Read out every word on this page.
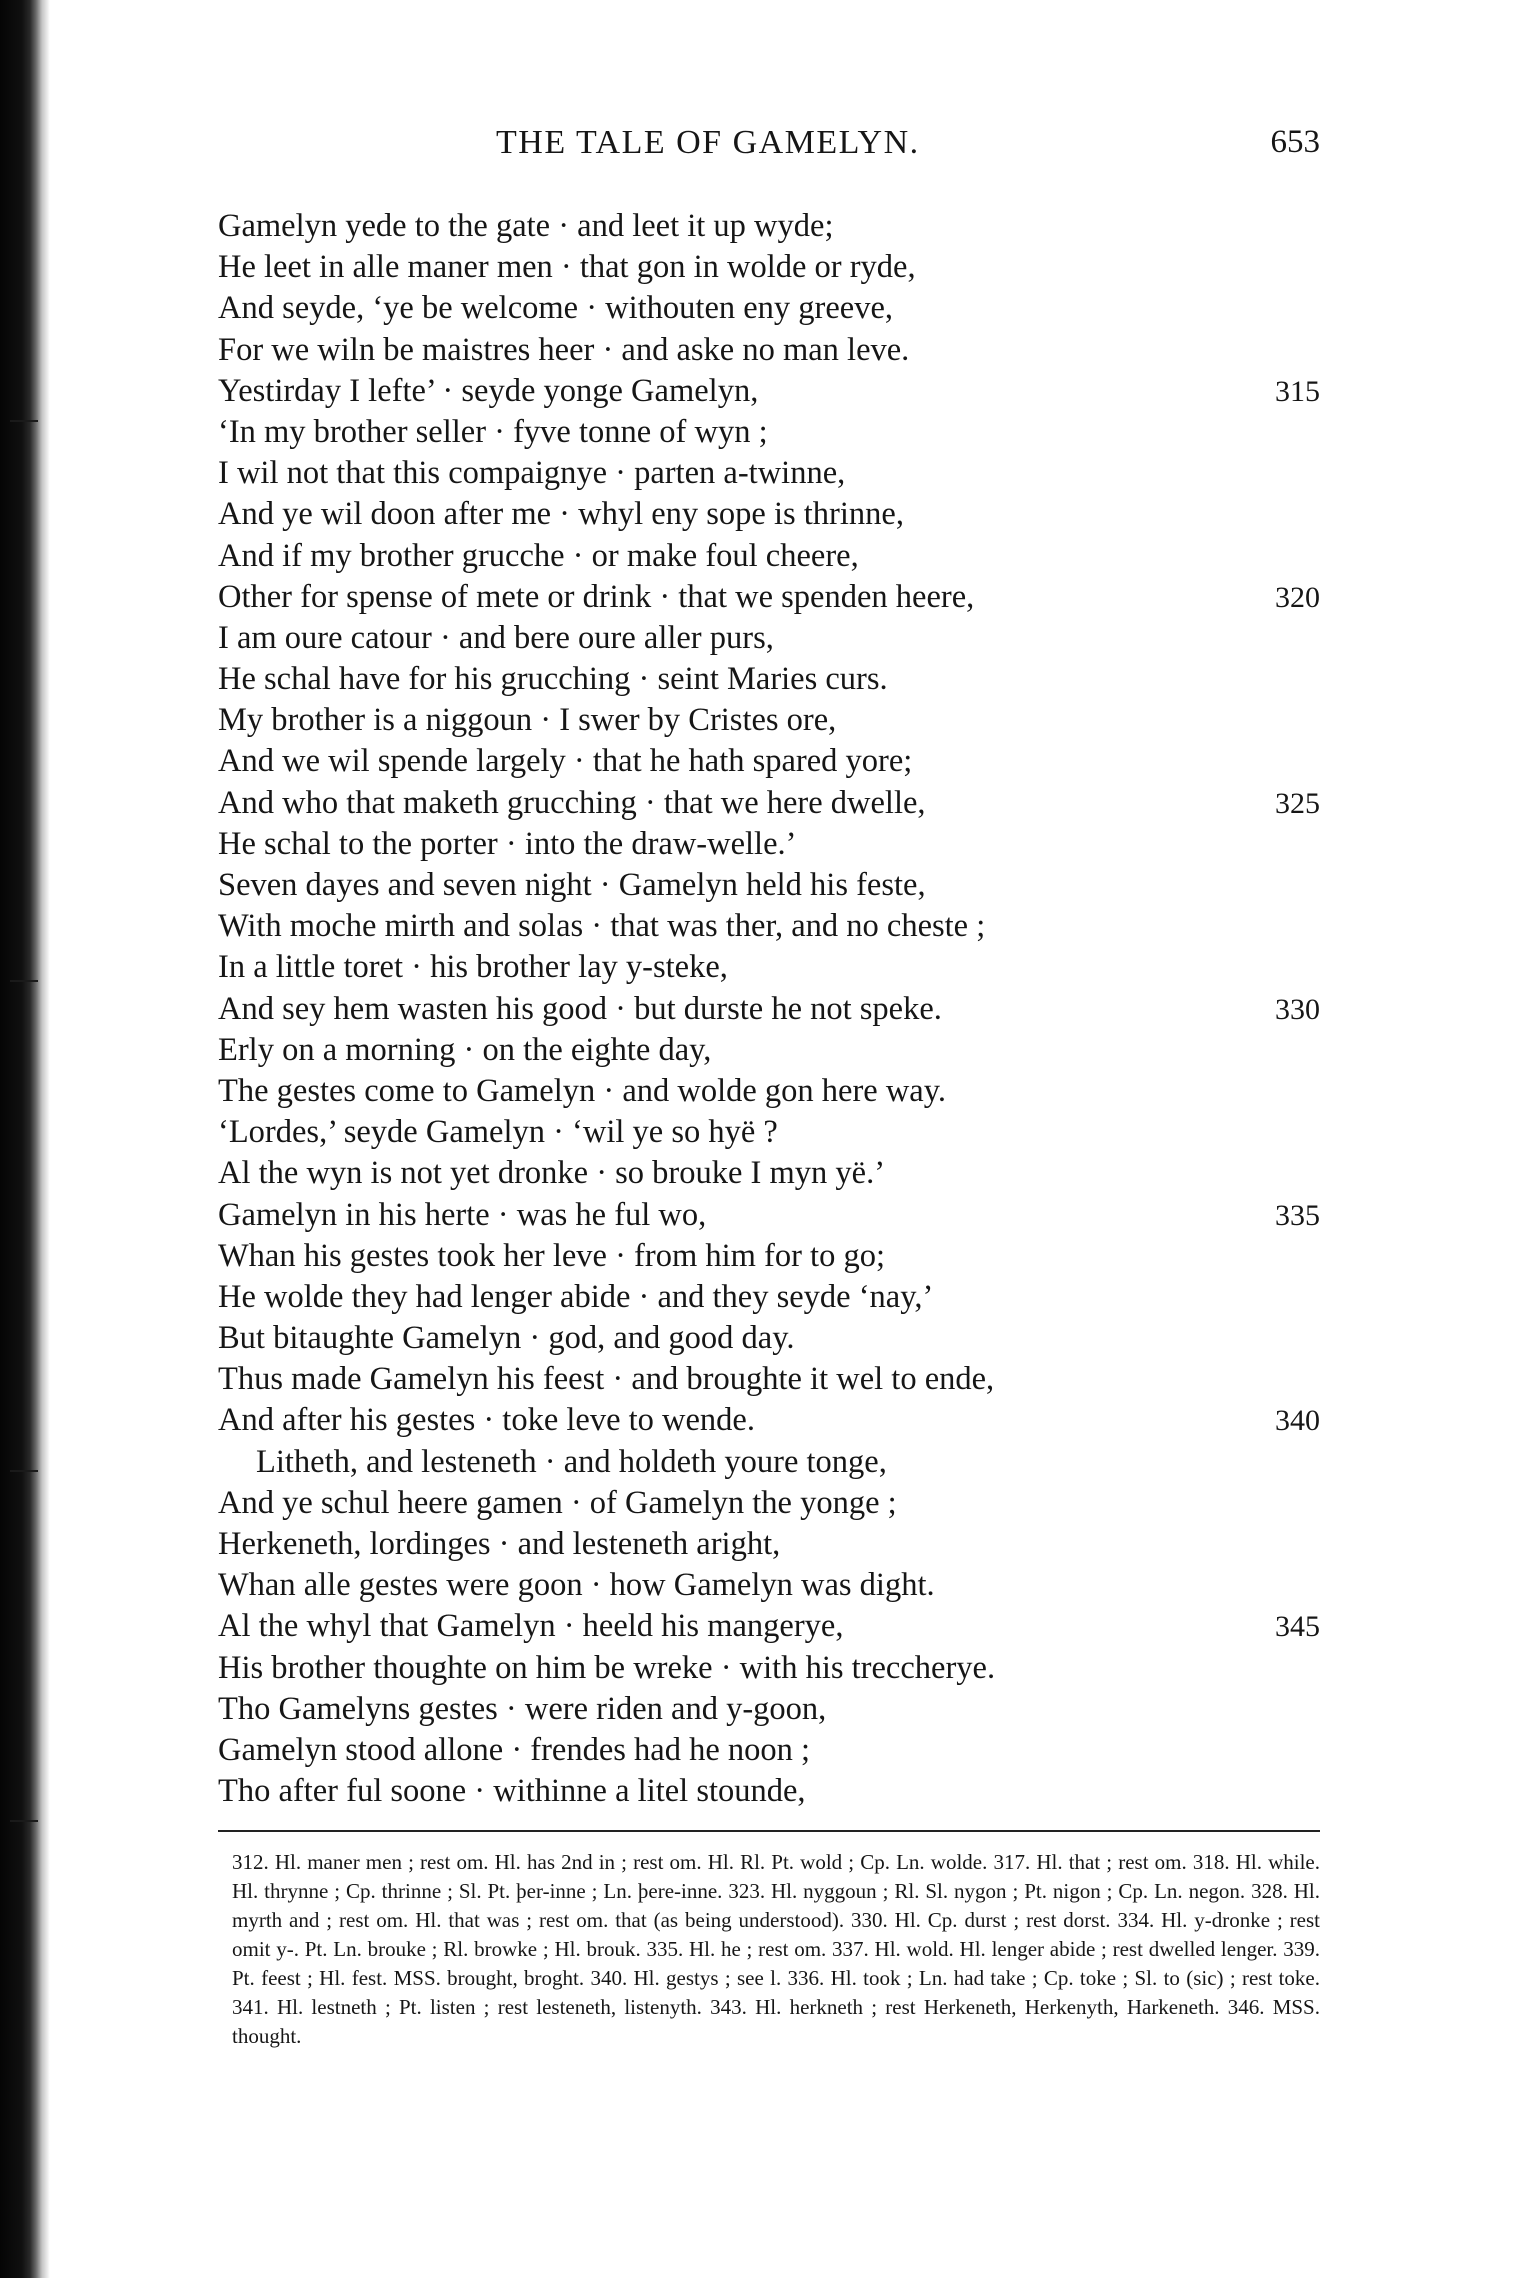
THE TALE OF GAMELYN.	653
Gamelyn yede to the gate · and leet it up wyde;
He leet in alle maner men · that gon in wolde or ryde,
And seyde, ‘ye be welcome · withouten eny greeve,
For we wiln be maistres heer · and aske no man leve.
Yestirday I lefte’ · seyde yonge Gamelyn,	315
‘In my brother seller · fyve tonne of wyn ;
I wil not that this compaignye · parten a-twinne,
And ye wil doon after me · whyl eny sope is thrinne,
And if my brother grucche · or make foul cheere,
Other for spense of mete or drink · that we spenden heere,	320
I am oure catour · and bere oure aller purs,
He schal have for his grucching · seint Maries curs.
My brother is a niggoun · I swer by Cristes ore,
And we wil spende largely · that he hath spared yore;
And who that maketh grucching · that we here dwelle,	325
He schal to the porter · into the draw-welle.’
Seven dayes and seven night · Gamelyn held his feste,
With moche mirth and solas · that was ther, and no cheste ;
In a little toret · his brother lay y-steke,
And sey hem wasten his good · but durste he not speke.	330
Erly on a morning · on the eighte day,
The gestes come to Gamelyn · and wolde gon here way.
‘Lordes,’ seyde Gamelyn · ‘wil ye so hyë ?
Al the wyn is not yet dronke · so brouke I myn yë.’
Gamelyn in his herte · was he ful wo,	335
Whan his gestes took her leve · from him for to go;
He wolde they had lenger abide · and they seyde ‘nay,’
But bitaughte Gamelyn · god, and good day.
Thus made Gamelyn his feest · and broughte it wel to ende,
And after his gestes · toke leve to wende.	340
Litheth, and lesteneth · and holdeth youre tonge,
And ye schul heere gamen · of Gamelyn the yonge ;
Herkeneth, lordinges · and lesteneth aright,
Whan alle gestes were goon · how Gamelyn was dight.
Al the whyl that Gamelyn · heeld his mangerye,	345
His brother thoughte on him be wreke · with his treccherye.
Tho Gamelyns gestes · were riden and y-goon,
Gamelyn stood allone · frendes had he noon ;
Tho after ful soone · withinne a litel stounde,

312. Hl. maner men ; rest om. Hl. has 2nd in ; rest om. Hl. Rl. Pt. wold ; Cp. Ln. wolde. 317. Hl. that ; rest om. 318. Hl. while. Hl. thrynne ; Cp. thrinne ; Sl. Pt. þer-inne ; Ln. þere-inne. 323. Hl. nyggoun ; Rl. Sl. nygon ; Pt. nigon ; Cp. Ln. negon. 328. Hl. myrth and ; rest om. Hl. that was ; rest om. that (as being understood). 330. Hl. Cp. durst ; rest dorst. 334. Hl. y-dronke ; rest omit y-. Pt. Ln. brouke ; Rl. browke ; Hl. brouk. 335. Hl. he ; rest om. 337. Hl. wold. Hl. lenger abide ; rest dwelled lenger. 339. Pt. feest ; Hl. fest. MSS. brought, broght. 340. Hl. gestys ; see l. 336. Hl. took ; Ln. had take ; Cp. toke ; Sl. to (sic) ; rest toke. 341. Hl. lestneth ; Pt. listen ; rest lesteneth, listenyth. 343. Hl. herkneth ; rest Herkeneth, Herkenyth, Harkeneth. 346. MSS. thought.
